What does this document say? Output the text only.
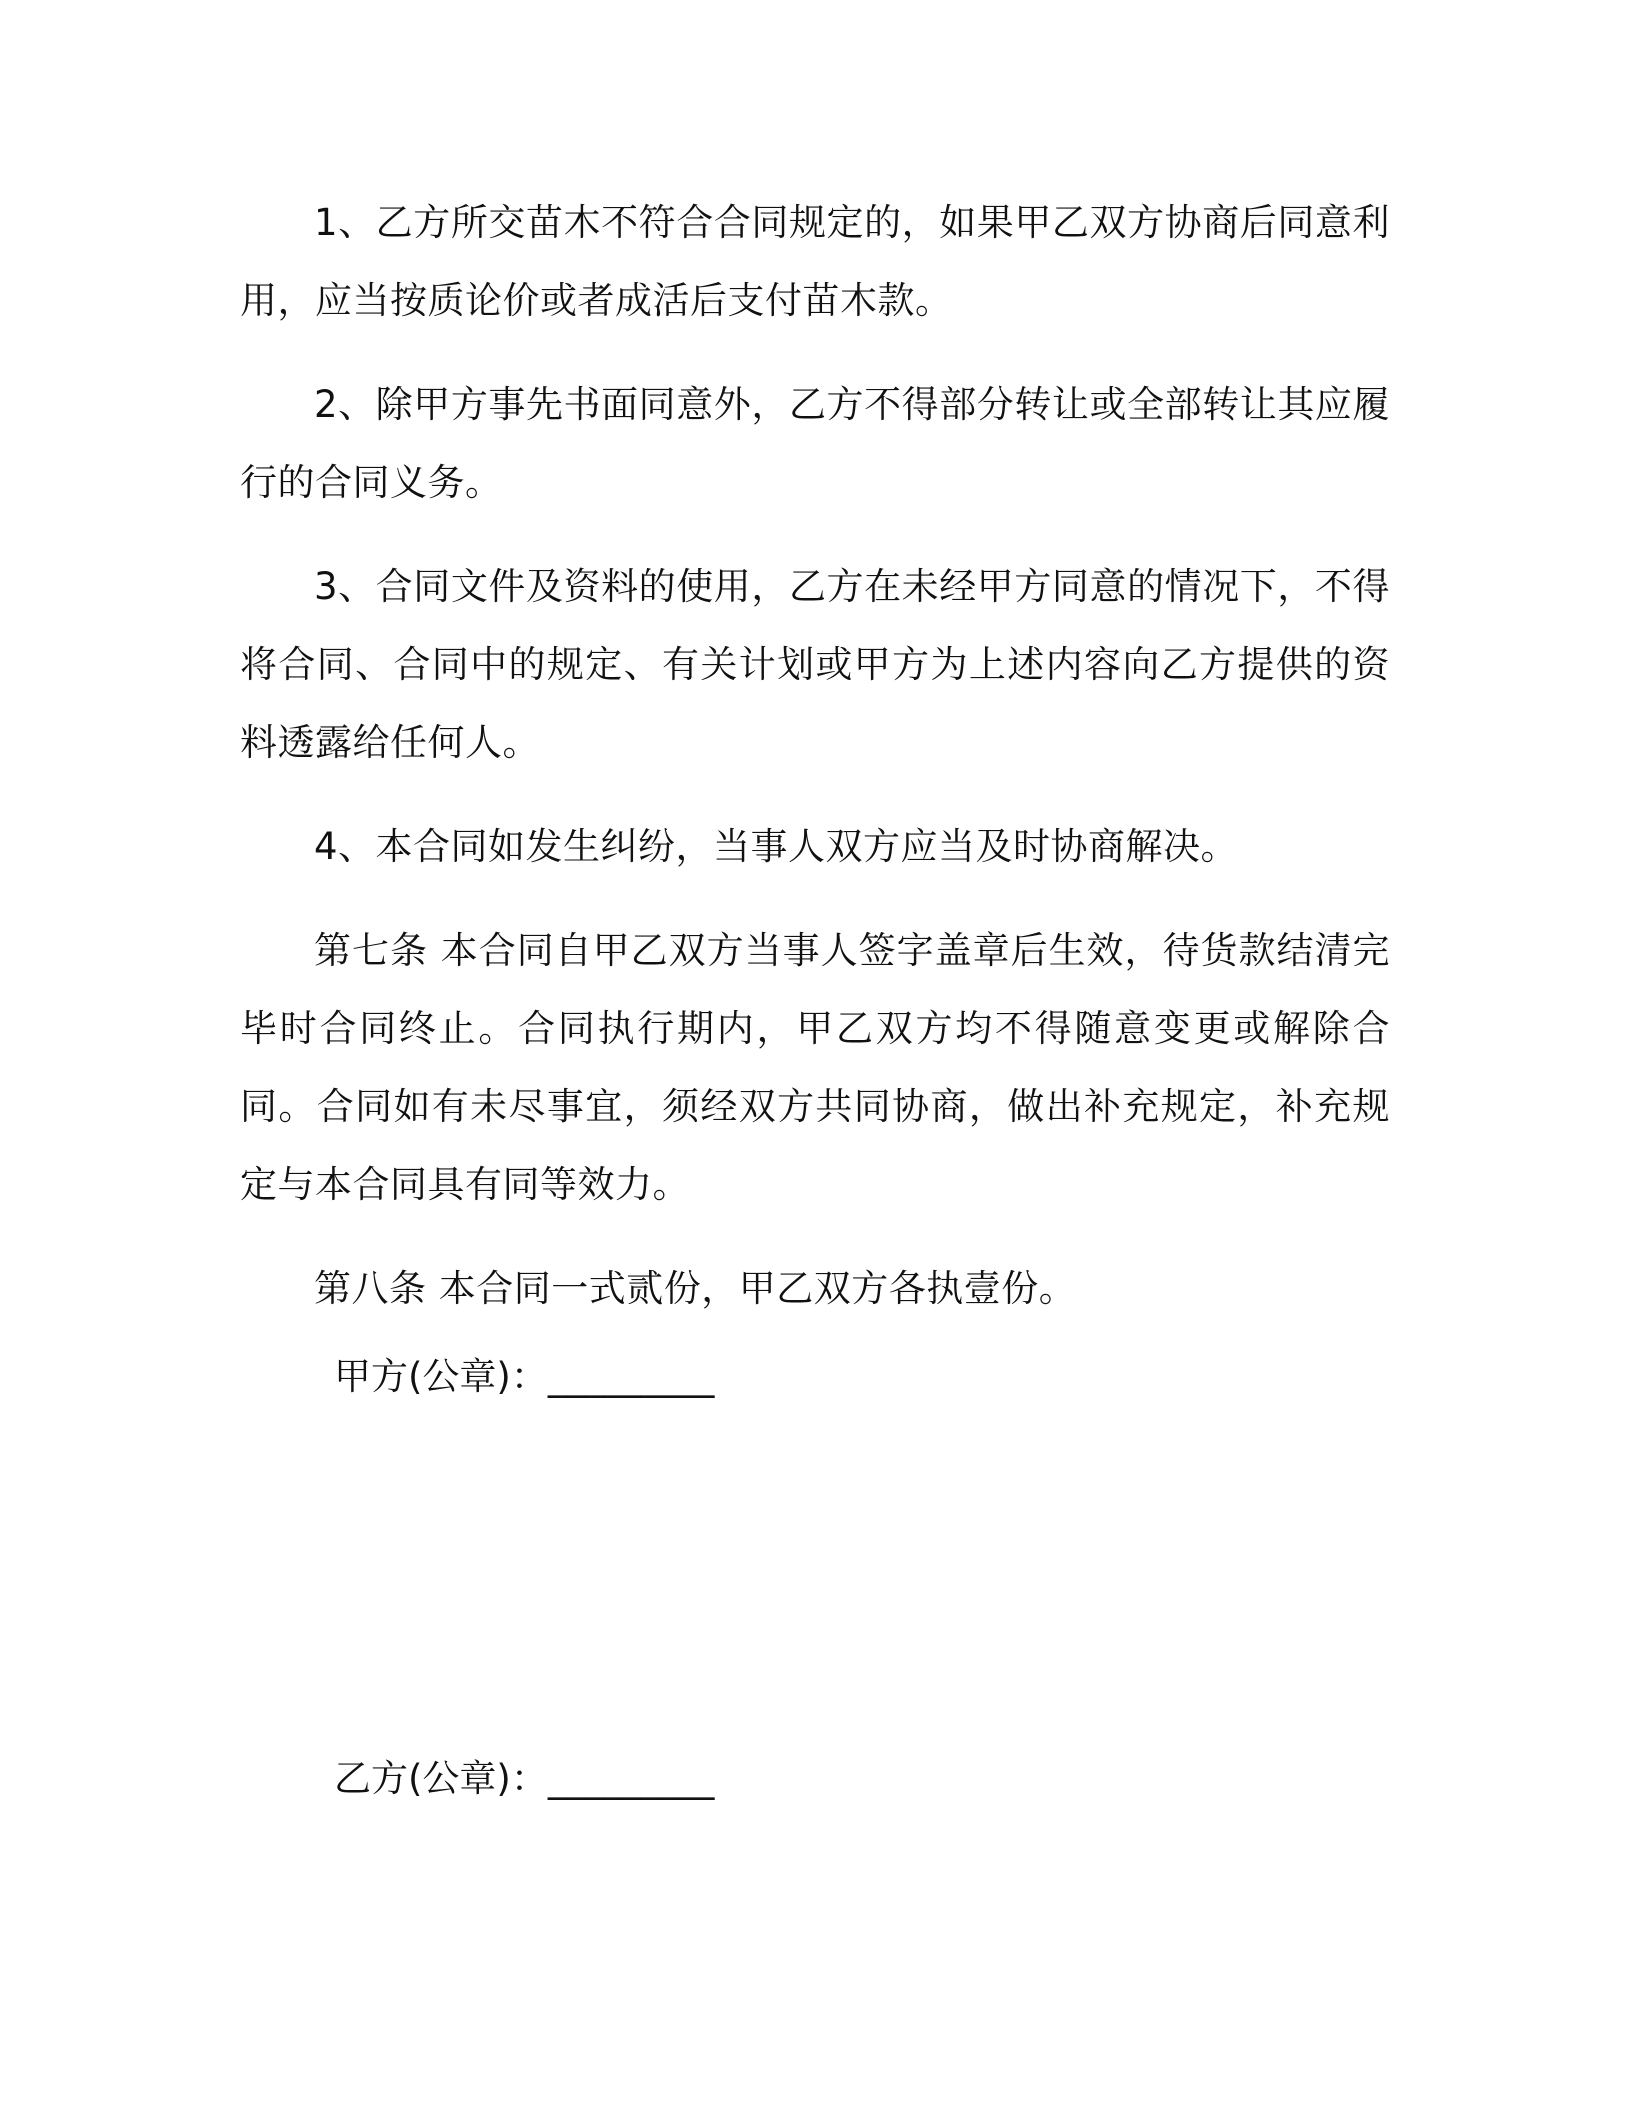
1、乙方所交苗木不符合合同规定的，如果甲乙双方协商后同意利用，应当按质论价或者成活后支付苗木款。

2、除甲方事先书面同意外，乙方不得部分转让或全部转让其应履行的合同义务。

3、合同文件及资料的使用，乙方在未经甲方同意的情况下，不得将合同、合同中的规定、有关计划或甲方为上述内容向乙方提供的资料透露给任何人。

4、本合同如发生纠纷，当事人双方应当及时协商解决。

第七条 本合同自甲乙双方当事人签字盖章后生效，待货款结清完毕时合同终止。合同执行期内，甲乙双方均不得随意变更或解除合同。合同如有未尽事宜，须经双方共同协商，做出补充规定，补充规定与本合同具有同等效力。

第八条 本合同一式贰份，甲乙双方各执壹份。

甲方(公章)：_________
乙方(公章)：_________
